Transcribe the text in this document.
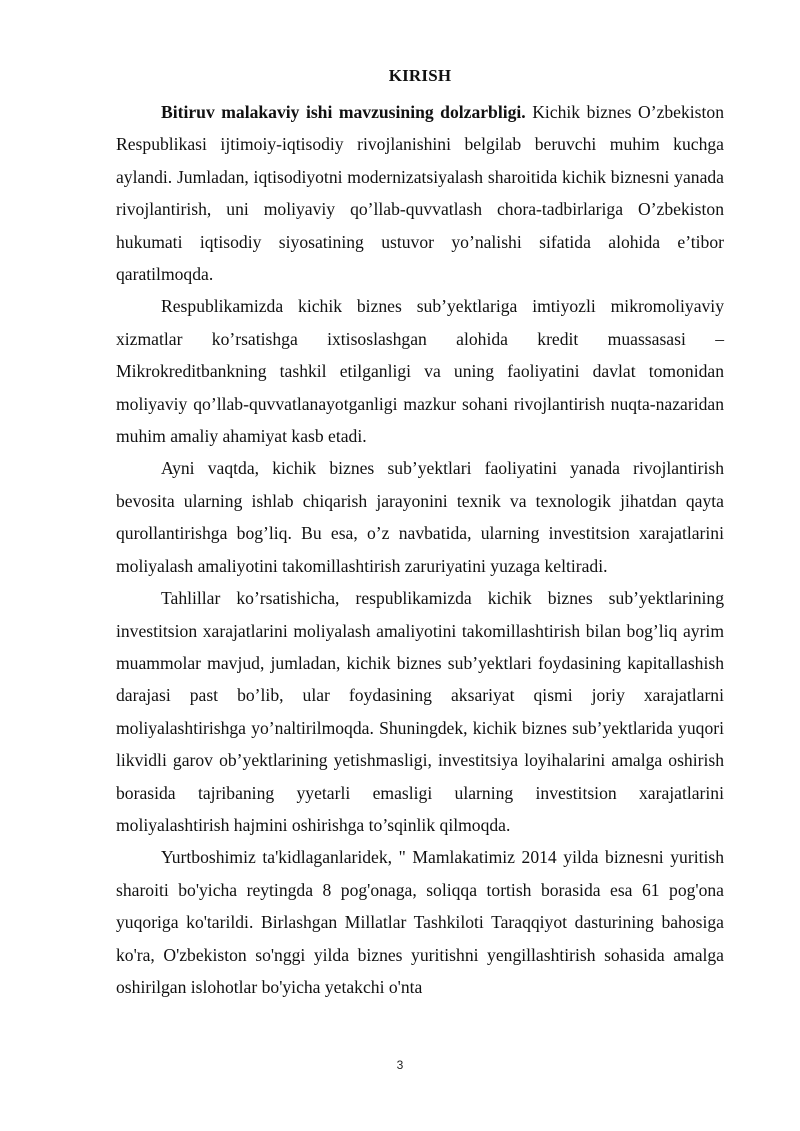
KIRISH

Bitiruv malakaviy ishi mavzusining dolzarbligi. Kichik biznes O’zbekiston Respublikasi ijtimoiy-iqtisodiy rivojlanishini belgilab beruvchi muhim kuchga aylandi. Jumladan, iqtisodiyotni modernizatsiyalash sharoitida kichik biznesni yanada rivojlantirish, uni moliyaviy qo’llab-quvvatlash chora-tadbirlariga O’zbekiston hukumati iqtisodiy siyosatining ustuvor yo’nalishi sifatida alohida e’tibor qaratilmoqda.

Respublikamizda kichik biznes sub’yektlariga imtiyozli mikromoliyaviy xizmatlar ko’rsatishga ixtisoslashgan alohida kredit muassasasi – Mikrokreditbankning tashkil etilganligi va uning faoliyatini davlat tomonidan moliyaviy qo’llab-quvvatlanayotganligi mazkur sohani rivojlantirish nuqta-nazaridan muhim amaliy ahamiyat kasb etadi.

Ayni vaqtda, kichik biznes sub’yektlari faoliyatini yanada rivojlantirish bevosita ularning ishlab chiqarish jarayonini texnik va texnologik jihatdan qayta qurollantirishga bog’liq. Bu esa, o’z navbatida, ularning investitsion xarajatlarini moliyalash amaliyotini takomillashtirish zaruriyatini yuzaga keltiradi.

Tahlillar ko’rsatishicha, respublikamizda kichik biznes sub’yektlarining investitsion xarajatlarini moliyalash amaliyotini takomillashtirish bilan bog’liq ayrim muammolar mavjud, jumladan, kichik biznes sub’yektlari foydasining kapitallashish darajasi past bo’lib, ular foydasining aksariyat qismi joriy xarajatlarni moliyalashtirishga yo’naltirilmoqda. Shuningdek, kichik biznes sub’yektlarida yuqori likvidli garov ob’yektlarining yetishmasligi, investitsiya loyihalarini amalga oshirish borasida tajribaning yyetarli emasligi ularning investitsion xarajatlarini moliyalashtirish hajmini oshirishga to’sqinlik qilmoqda.

Yurtboshimiz ta'kidlaganlaridek, " Mamlakatimiz 2014 yilda biznesni yuritish sharoiti bo'yicha reytingda 8 pog'onaga, soliqqa tortish borasida esa 61 pog'ona yuqoriga ko'tarildi. Birlashgan Millatlar Tashkiloti Taraqqiyot dasturining bahosiga ko'ra, O'zbekiston so'nggi yilda biznes yuritishni yengillashtirish sohasida amalga oshirilgan islohotlar bo'yicha yetakchi o'nta

3
